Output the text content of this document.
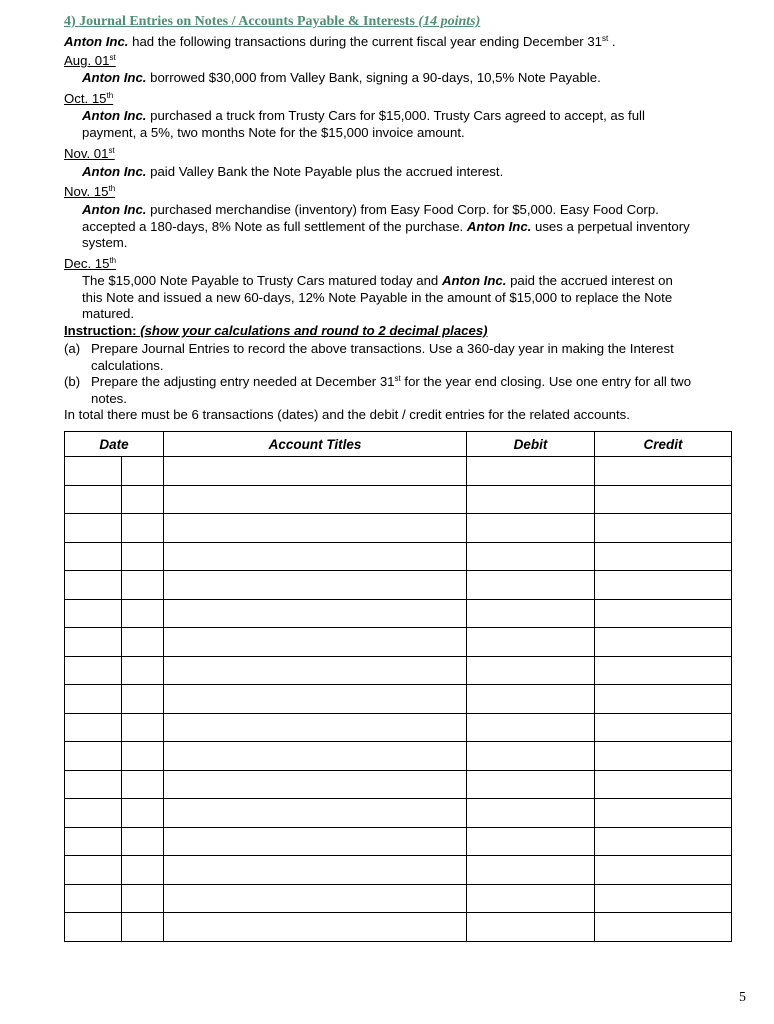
4) Journal Entries on Notes / Accounts Payable & Interests (14 points)
Anton Inc. had the following transactions during the current fiscal year ending December 31st .
Aug. 01st
Anton Inc. borrowed $30,000 from Valley Bank, signing a 90-days, 10,5% Note Payable.
Oct. 15th
Anton Inc. purchased a truck from Trusty Cars for $15,000. Trusty Cars agreed to accept, as full
payment, a 5%, two months Note for the $15,000 invoice amount.
Nov. 01st
Anton Inc. paid Valley Bank the Note Payable plus the accrued interest.
Nov. 15th
Anton Inc. purchased merchandise (inventory) from Easy Food Corp. for $5,000. Easy Food Corp.
accepted a 180-days, 8% Note as full settlement of the purchase. Anton Inc. uses a perpetual inventory
system.
Dec. 15th
The $15,000 Note Payable to Trusty Cars matured today and Anton Inc. paid the accrued interest on
this Note and issued a new 60-days, 12% Note Payable in the amount of $15,000 to replace the Note
matured.
Instruction: (show your calculations and round to 2 decimal places)
(a) Prepare Journal Entries to record the above transactions. Use a 360-day year in making the Interest
calculations.
(b) Prepare the adjusting entry needed at December 31st for the year end closing. Use one entry for all two
notes.
In total there must be 6 transactions (dates) and the debit / credit entries for the related accounts.
Date		Account Titles	Debit	Credit

5
